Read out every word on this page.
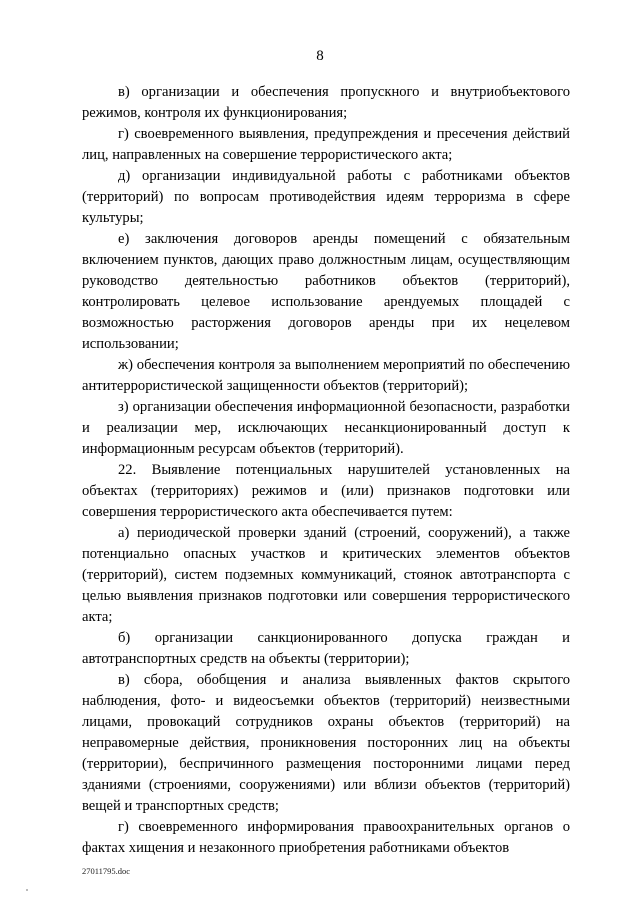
8

в) организации и обеспечения пропускного и внутриобъектового режимов, контроля их функционирования;

г) своевременного выявления, предупреждения и пресечения действий лиц, направленных на совершение террористического акта;

д) организации индивидуальной работы с работниками объектов (территорий) по вопросам противодействия идеям терроризма в сфере культуры;

е) заключения договоров аренды помещений с обязательным включением пунктов, дающих право должностным лицам, осуществляющим руководство деятельностью работников объектов (территорий), контролировать целевое использование арендуемых площадей с возможностью расторжения договоров аренды при их нецелевом использовании;

ж) обеспечения контроля за выполнением мероприятий по обеспечению антитеррористической защищенности объектов (территорий);

з) организации обеспечения информационной безопасности, разработки и реализации мер, исключающих несанкционированный доступ к информационным ресурсам объектов (территорий).

22. Выявление потенциальных нарушителей установленных на объектах (территориях) режимов и (или) признаков подготовки или совершения террористического акта обеспечивается путем:

а) периодической проверки зданий (строений, сооружений), а также потенциально опасных участков и критических элементов объектов (территорий), систем подземных коммуникаций, стоянок автотранспорта с целью выявления признаков подготовки или совершения террористического акта;

б) организации санкционированного допуска граждан и автотранспортных средств на объекты (территории);

в) сбора, обобщения и анализа выявленных фактов скрытого наблюдения, фото- и видеосъемки объектов (территорий) неизвестными лицами, провокаций сотрудников охраны объектов (территорий) на неправомерные действия, проникновения посторонних лиц на объекты (территории), беспричинного размещения посторонними лицами перед зданиями (строениями, сооружениями) или вблизи объектов (территорий) вещей и транспортных средств;

г) своевременного информирования правоохранительных органов о фактах хищения и незаконного приобретения работниками объектов

27011795.doc
